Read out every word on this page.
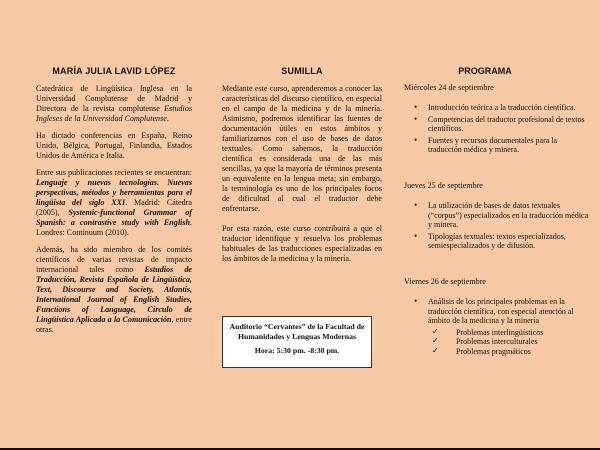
MARÍA JULIA LAVID LÓPEZ

Catedrática de Lingüística Inglesa en la Universidad Complutense de Madrid y Directora de la revista complutense Estudios Ingleses de la Universidad Complutense.

Ha dictado conferencias en España, Reino Unido, Bélgica, Portugal, Finlandia, Estados Unidos de América e Italia.

Entre sus publicaciones recientes se encuentran: Lenguaje y nuevas tecnologías. Nuevas perspectivas, métodos y herramientas para el lingüista del siglo XXI. Madrid: Cátedra (2005), Systemic-functional Grammar of Spanish: a contrastive study with English. Londres: Continuum (2010).

Además, ha sido miembro de los comités científicos de varias revistas de impacto internacional tales como Estudios de Traducción, Revista Española de Lingüística, Text, Discourse and Society, Atlantis, International Journal of English Studies, Functions of Language, Círculo de Lingüística Aplicada a la Comunicación, entre otras.

SUMILLA

Mediante este curso, aprenderemos a conocer las características del discurso científico, en especial en el campo de la medicina y de la minería. Asimismo, podremos identificar las fuentes de documentación útiles en estos ámbitos y familiarizarnos con el uso de bases de datos textuales. Como sabemos, la traducción científica es considerada una de las más sencillas, ya que la mayoría de términos presenta un equivalente en la lengua meta; sin embargo, la terminología es uno de los principales focos de dificultad al cual el traductor debe enfrentarse.

Por esta razón, este curso contribuirá a que el traductor identifique y resuelva los problemas habituales de las traducciones especializadas en los ámbitos de la medicina y la minería.

Auditorio “Cervantes” de la Facultad de Humanidades y Lenguas Modernas
Hora: 5:30 pm. -8:30 pm.
PROGRAMA
Miércoles 24 de septiembre
• Introducción teórica a la traducción científica.
• Competencias del traductor profesional de textos científicos.
• Fuentes y recursos documentales para la traducción médica y minera.
Jueves 25 de septiembre
• La utilización de bases de datos textuales (“corpus”) especializados en la traducción médica y minera.
• Tipologías textuales: textos especializados, semiespecializados y de difusión.
Viernes 26 de septiembre
• Análisis de los principales problemas en la traducción científica, con especial atención al ámbito de la medicina y la minería
✓ Problemas interlingüísticos
✓ Problemas interculturales
✓ Problemas pragmáticos
